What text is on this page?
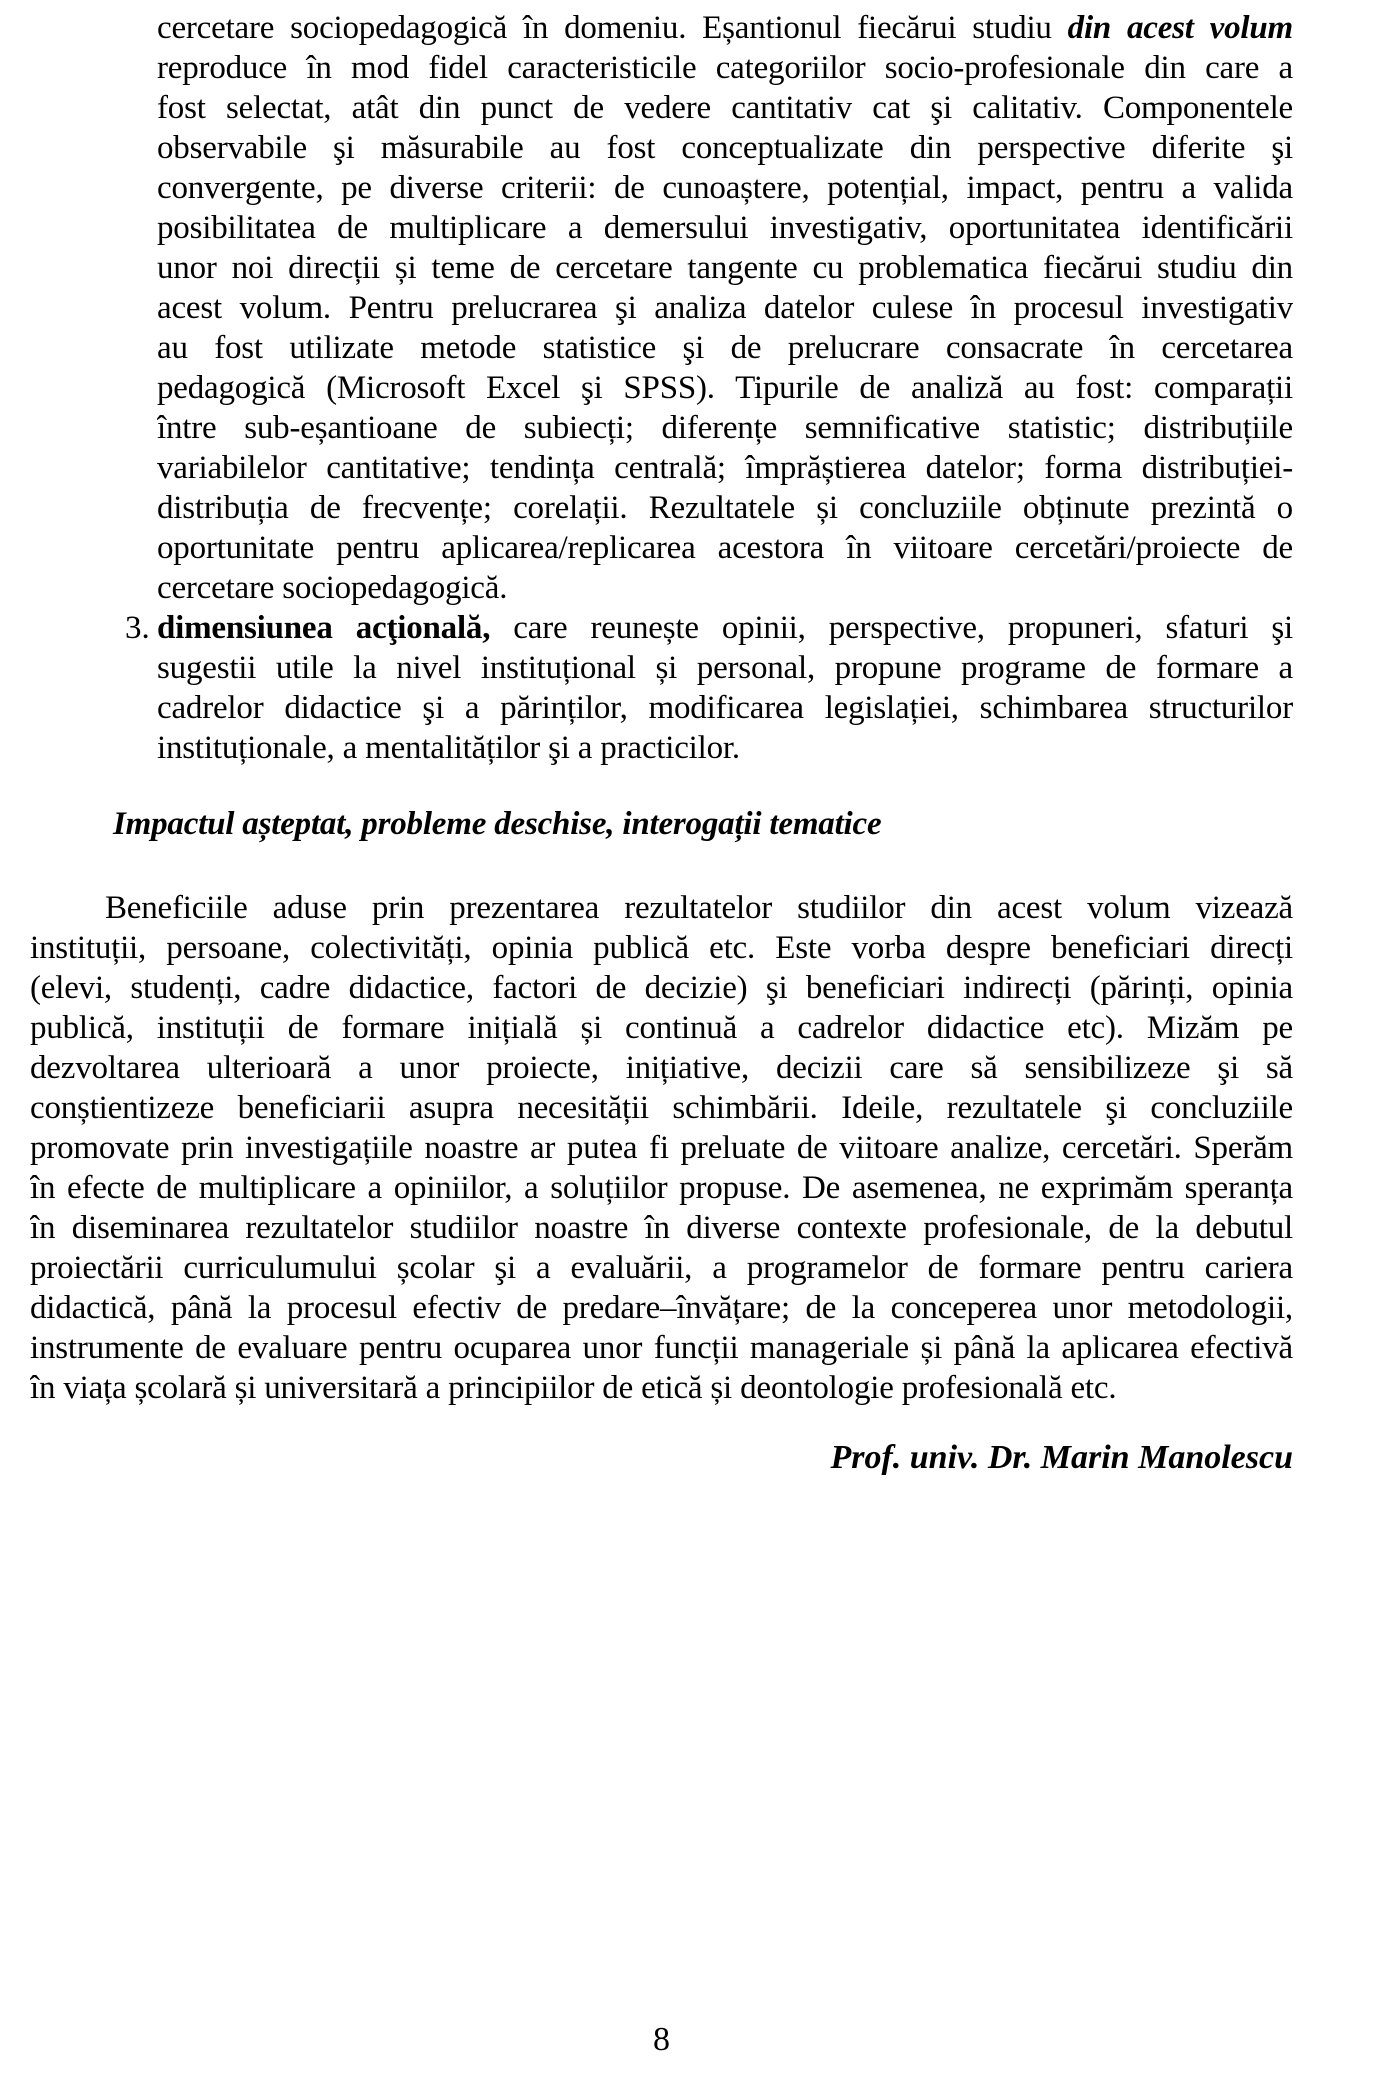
cercetare sociopedagogică în domeniu. Eșantionul fiecărui studiu din acest volum
reproduce în mod fidel caracteristicile categoriilor socio-profesionale din care a
fost selectat, atât din punct de vedere cantitativ cat şi calitativ. Componentele
observabile şi măsurabile au fost conceptualizate din perspective diferite şi
convergente, pe diverse criterii: de cunoaștere, potențial, impact, pentru a valida
posibilitatea de multiplicare a demersului investigativ, oportunitatea identificării
unor noi direcții și teme de cercetare tangente cu problematica fiecărui studiu din
acest volum. Pentru prelucrarea şi analiza datelor culese în procesul investigativ
au fost utilizate metode statistice şi de prelucrare consacrate în cercetarea
pedagogică (Microsoft Excel şi SPSS). Tipurile de analiză au fost: comparații
între sub-eșantioane de subiecți; diferențe semnificative statistic; distribuțiile
variabilelor cantitative; tendința centrală; împrăștierea datelor; forma distribuției-
distribuția de frecvențe; corelații. Rezultatele și concluziile obținute prezintă o
oportunitate pentru aplicarea/replicarea acestora în viitoare cercetări/proiecte de
cercetare sociopedagogică.
3. dimensiunea acţională, care reunește opinii, perspective, propuneri, sfaturi şi
sugestii utile la nivel instituțional și personal, propune programe de formare a
cadrelor didactice şi a părinților, modificarea legislației, schimbarea structurilor
instituționale, a mentalităților şi a practicilor.
Impactul așteptat, probleme deschise, interogații tematice
Beneficiile aduse prin prezentarea rezultatelor studiilor din acest volum vizează
instituții, persoane, colectivități, opinia publică etc. Este vorba despre beneficiari direcți
(elevi, studenți, cadre didactice, factori de decizie) şi beneficiari indirecți (părinți, opinia
publică, instituții de formare inițială și continuă a cadrelor didactice etc). Mizăm pe
dezvoltarea ulterioară a unor proiecte, inițiative, decizii care să sensibilizeze şi să
conștientizeze beneficiarii asupra necesității schimbării. Ideile, rezultatele şi concluziile
promovate prin investigațiile noastre ar putea fi preluate de viitoare analize, cercetări. Sperăm
în efecte de multiplicare a opiniilor, a soluțiilor propuse. De asemenea, ne exprimăm speranța
în diseminarea rezultatelor studiilor noastre în diverse contexte profesionale, de la debutul
proiectării curriculumului școlar şi a evaluării, a programelor de formare pentru cariera
didactică, până la procesul efectiv de predare–învățare; de la conceperea unor metodologii,
instrumente de evaluare pentru ocuparea unor funcții manageriale și până la aplicarea efectivă
în viața școlară și universitară a principiilor de etică și deontologie profesională etc.
Prof. univ. Dr. Marin Manolescu
8
